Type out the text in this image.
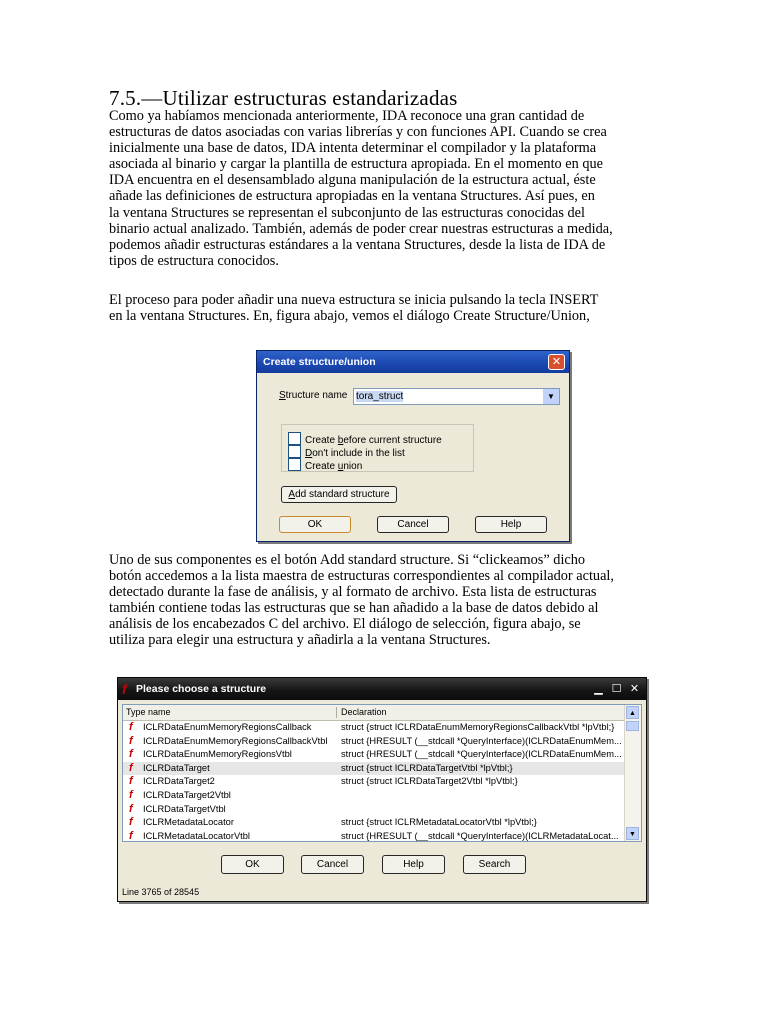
7.5.—Utilizar estructuras estandarizadas
Como ya habíamos mencionada anteriormente, IDA reconoce una gran cantidad de
estructuras de datos asociadas con varias librerías y con funciones API. Cuando se crea
inicialmente una base de datos, IDA intenta determinar el compilador y la plataforma
asociada al binario y cargar la plantilla de estructura apropiada. En el momento en que
IDA encuentra en el desensamblado alguna manipulación de la estructura actual, éste
añade las definiciones de estructura apropiadas en la ventana Structures. Así pues, en
la ventana Structures se representan el subconjunto de las estructuras conocidas del
binario actual analizado. También, además de poder crear nuestras estructuras a medida,
podemos añadir estructuras estándares a la ventana Structures, desde la lista de IDA de
tipos de estructura conocidos.
El proceso para poder añadir una nueva estructura se inicia pulsando la tecla INSERT
en la ventana Structures. En, figura abajo, vemos el diálogo Create Structure/Union,
Create structure/union	✕
Structure name tora_struct	▼
Create before current structure
Don't include in the list
Create union
Add standard structure
OK	Cancel	Help
Uno de sus componentes es el botón Add standard structure. Si “clickeamos” dicho
botón accedemos a la lista maestra de estructuras correspondientes al compilador actual,
detectado durante la fase de análisis, y al formato de archivo. Esta lista de estructuras
también contiene todas las estructuras que se han añadido a la base de datos debido al
análisis de los encabezados C del archivo. El diálogo de selección, figura abajo, se
utiliza para elegir una estructura y añadirla a la ventana Structures.
Please choose a structure
f	▁ ☐ ✕
Type name	Declaration
f ICLRDataEnumMemoryRegionsCallback	struct {struct ICLRDataEnumMemoryRegionsCallbackVtbl *lpVtbl;}
f ICLRDataEnumMemoryRegionsCallbackVtbl struct {HRESULT (__stdcall *QueryInterface)(ICLRDataEnumMem...
f ICLRDataEnumMemoryRegionsVtbl	struct {HRESULT (__stdcall *QueryInterface)(ICLRDataEnumMem...
f ICLRDataTarget	struct {struct ICLRDataTargetVtbl *lpVtbl;}
f ICLRDataTarget2	struct {struct ICLRDataTarget2Vtbl *lpVtbl;}
f ICLRDataTarget2Vtbl
f ICLRDataTargetVtbl
f ICLRMetadataLocator	struct {struct ICLRMetadataLocatorVtbl *lpVtbl;}
f ICLRMetadataLocatorVtbl	struct {HRESULT (__stdcall *QueryInterface)(ICLRMetadataLocat...
▲
▼
OK	Cancel	Help	Search
Line 3765 of 28545
